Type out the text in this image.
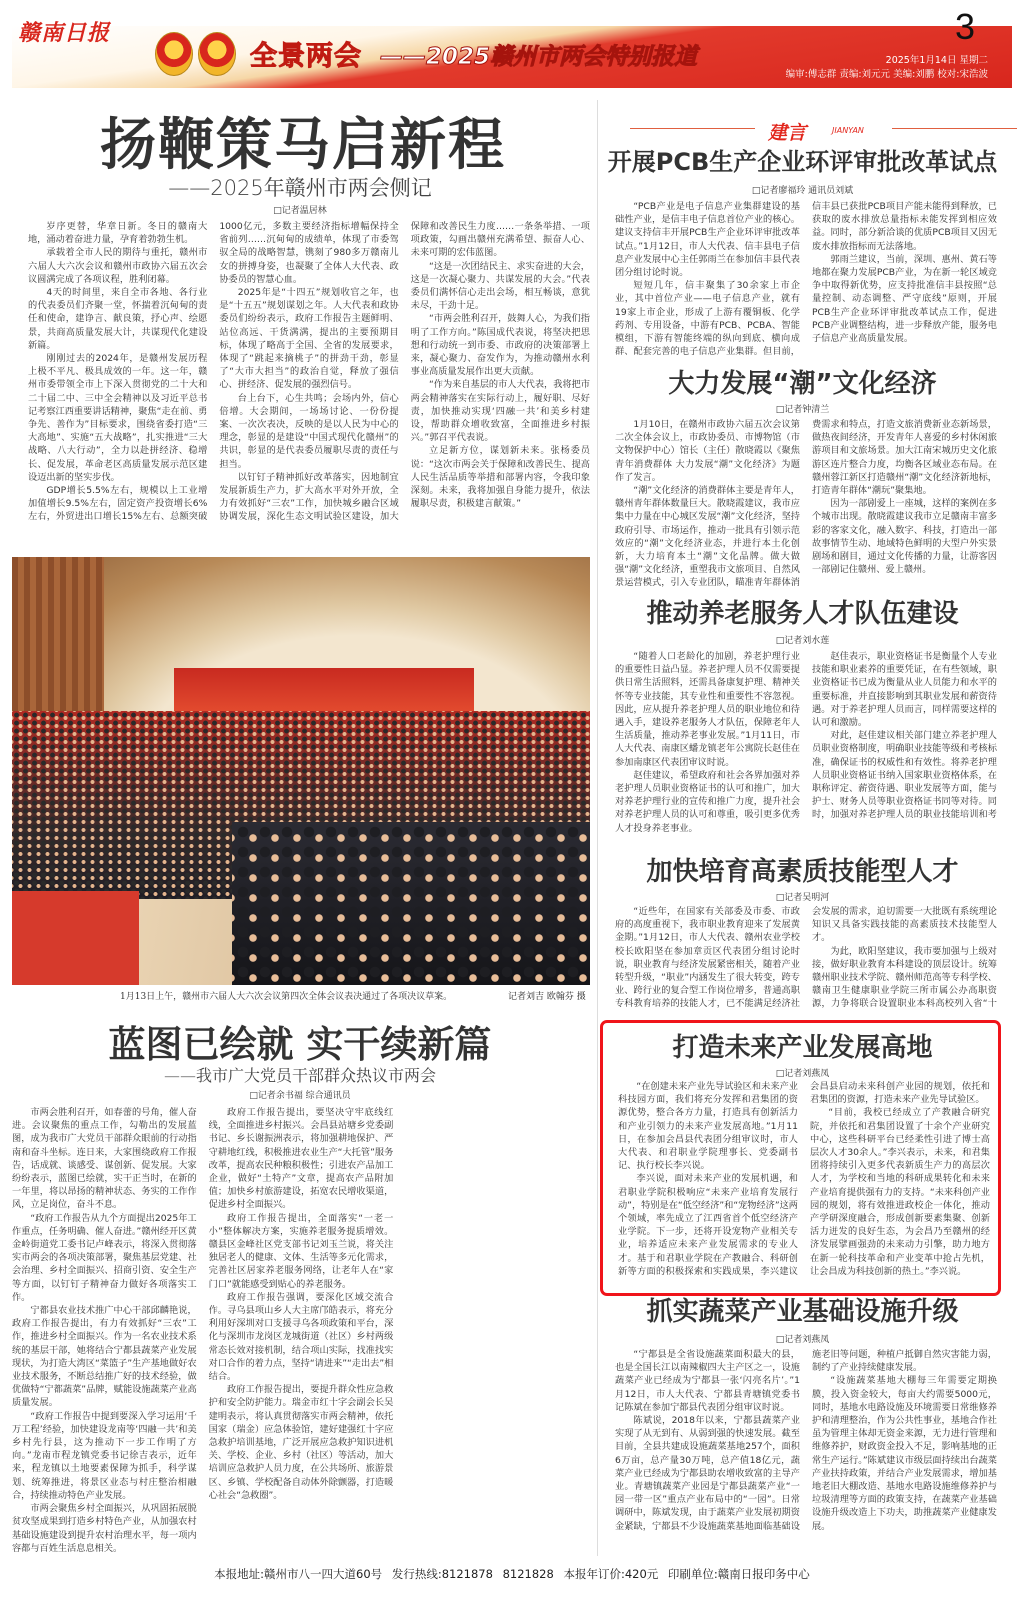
赣南日报
全景两会 ——2025赣州市两会特别报道
3
2025年1月14日 星期二
编审:傅志群 责编:刘元元 美编:刘鹏 校对:宋浩波
扬鞭策马启新程
——2025年赣州市两会侧记
□记者温居林

岁序更替，华章日新。冬日的赣南大地，涌动着奋进力量，孕育着勃勃生机。

承载着全市人民的期待与重托，赣州市六届人大六次会议和赣州市政协六届五次会议圆满完成了各项议程，胜利闭幕。

4天的时间里，来自全市各地、各行业的代表委员们齐聚一堂，怀揣着沉甸甸的责任和使命，建诤言、献良策，抒心声、绘愿景，共商高质量发展大计，共谋现代化建设新篇。

刚刚过去的2024年，是赣州发展历程上极不平凡、极具成效的一年。这一年，赣州市委带领全市上下深入贯彻党的二十大和二十届二中、三中全会精神以及习近平总书记考察江西重要讲话精神，聚焦“走在前、勇争先、善作为”目标要求，围绕省委打造“三大高地”、实施“五大战略”，扎实推进“三大战略、八大行动”，全力以赴拼经济、稳增长、促发展，革命老区高质量发展示范区建设迈出新的坚实步伐。

GDP增长5.5%左右，规模以上工业增加值增长9.5%左右，固定资产投资增长6%左右，外贸进出口增长15%左右、总额突破1000亿元，多数主要经济指标增幅保持全省前列……沉甸甸的成绩单，体现了市委驾驭全局的战略智慧，镌刻了980多万赣南儿女的拼搏身姿，也凝聚了全体人大代表、政协委员的智慧心血。

2025年是“十四五”规划收官之年，也是“十五五”规划谋划之年。人大代表和政协委员们纷纷表示，政府工作报告主题鲜明、站位高远、干货满满，提出的主要预期目标，体现了略高于全国、全省的发展要求，体现了“跳起来摘桃子”的拼劲干劲，彰显了“大市大担当”的政治自觉，释放了强信心、拼经济、促发展的强烈信号。

台上台下，心生共鸣；会场内外，信心倍增。大会期间，一场场讨论、一份份提案、一次次表决，反映的是以人民为中心的理念，彰显的是建设“中国式现代化赣州”的共识，彰显的是代表委员履职尽责的责任与担当。

以钉钉子精神抓好改革落实，因地制宜发展新质生产力，扩大高水平对外开放，全力有效抓好“三农”工作，加快城乡融合区域协调发展，深化生态文明试验区建设，加大保障和改善民生力度……一条条举措、一项项政策，勾画出赣州充满希望、振奋人心、未来可期的宏伟蓝图。

“这是一次团结民主、求实奋进的大会，这是一次凝心聚力、共谋发展的大会。”代表委员们满怀信心走出会场，相互畅谈，意犹未尽，干劲十足。

“市两会胜利召开，鼓舞人心，为我们指明了工作方向。”陈国成代表说，将坚决把思想和行动统一到市委、市政府的决策部署上来，凝心聚力、奋发作为，为推动赣州水利事业高质量发展作出更大贡献。

“作为来自基层的市人大代表，我将把市两会精神落实在实际行动上，履好职、尽好责，加快推动实现‘四融一共’和美乡村建设，帮助群众增收致富，全面推进乡村振兴。”郭召平代表说。

立足新方位，谋划新未来。张杨委员说：“这次市两会关于保障和改善民生、提高人民生活品质等举措和部署内容，令我印象深刻。未来，我将加强自身能力提升，依法履职尽责，积极建言献策。”

1月13日上午，赣州市六届人大六次会议第四次全体会议表决通过了各项决议草案。	记者刘吉 欧翰芬 摄
蓝图已绘就 实干续新篇
——我市广大党员干部群众热议市两会
□记者余书福 综合通讯员

市两会胜利召开，如春蕾的号角，催人奋进。会议聚焦的重点工作，勾勒出的发展蓝图，成为我市广大党员干部群众眼前的行动指南和奋斗坐标。连日来，大家围绕政府工作报告，话成就、谈感受、谋创新、促发展。大家纷纷表示，蓝图已绘就，实干正当时，在新的一年里，将以昂扬的精神状态、务实的工作作风，立足岗位，奋斗不息。

“政府工作报告从九个方面提出2025年工作重点，任务明确、催人奋进。”赣州经开区黄金岭街道党工委书记卢峰表示，将深入贯彻落实市两会的各项决策部署，聚焦基层党建、社会治理、乡村全面振兴、招商引资、安全生产等方面，以钉钉子精神奋力做好各项落实工作。

宁都县农业技术推广中心干部邱麟艳说，政府工作报告提出，有力有效抓好“三农”工作，推进乡村全面振兴。作为一名农业技术系统的基层干部，她将结合宁都县蔬菜产业发展现状，为打造大湾区“菜篮子”生产基地做好农业技术服务，不断总结推广好的技术经验，做优做特“宁都蔬菜”品牌，赋能设施蔬菜产业高质量发展。

“政府工作报告中提到要深入学习运用‘千万工程’经验，加快建设龙南等‘四融一共’和美乡村先行县，这为推动下一步工作明了方向。”龙南市程龙镇党委书记徐吉表示，近年来，程龙镇以土地要素保障为抓手，科学谋划、统筹推进，将景区业态与村庄整治相融合，持续推动特色产业发展。

市两会聚焦乡村全面振兴，从巩固拓展脱贫攻坚成果到打造乡村特色产业，从加强农村基础设施建设到提升农村治理水平，每一项内容都与百姓生活息息相关。

政府工作报告提出，要坚决守牢底线红线，全面推进乡村振兴。会昌县站塘乡党委副书记、乡长谢振洲表示，将加强耕地保护、严守耕地红线，积极推进农业生产“大托管”服务改革，提高农民种粮积极性；引进农产品加工企业，做好“土特产”文章，提高农产品附加值；加快乡村旅游建设，拓宽农民增收渠道，促进乡村全面振兴。

政府工作报告提出，全面落实“一老一小”整体解决方案，实施养老服务提质增效。赣县区金峰社区党支部书记刘玉兰说，将关注独居老人的健康、文体、生活等多元化需求，完善社区居家养老服务网络，让老年人在“家门口”就能感受到贴心的养老服务。

政府工作报告强调，要深化区域交流合作。寻乌县项山乡人大主席邝皓表示，将充分利用好深圳对口支援寻乌各项政策和平台，深化与深圳市龙岗区龙城街道（社区）乡村两级常态长效对接机制，结合项山实际，找准找实对口合作的着力点，坚持“请进来”“走出去”相结合。

政府工作报告提出，要提升群众性应急救护和安全防护能力。瑞金市红十字会副会长吴建明表示，将认真贯彻落实市两会精神，依托国家（瑞金）应急体验馆，建好建强红十字应急救护培训基地，广泛开展应急救护知识进机关、学校、企业、乡村（社区）等活动，加大培训应急救护人员力度，在公共场所、旅游景区、乡镇、学校配备自动体外除颤器，打造暖心社会“急救圈”。

建言	JIANYAN
开展PCB生产企业环评审批改革试点
□记者廖福玲 通讯员刘斌

“PCB产业是电子信息产业集群建设的基础性产业，是信丰电子信息首位产业的核心。建议支持信丰开展PCB生产企业环评审批改革试点。”1月12日，市人大代表、信丰县电子信息产业发展中心主任郭雨兰在参加信丰县代表团分组讨论时说。

短短几年，信丰聚集了30余家上市企业，其中首位产业——电子信息产业，就有19家上市企业，形成了上游有覆铜板、化学药剂、专用设备，中游有PCB、PCBA、智能模组，下游有智能终端的纵向到底、横向成群、配套完善的电子信息产业集群。但目前，信丰县已获批PCB项目产能未能得到释放，已获取的废水排放总量指标未能发挥到相应效益。同时，部分新洽谈的优质PCB项目又因无废水排放指标而无法落地。

郭雨兰建议，当前，深圳、惠州、黄石等地都在聚力发展PCB产业，为在新一轮区域竞争中取得新优势，应支持批准信丰县按照“总量控制、动态调整、严守底线”原则，开展PCB生产企业环评审批改革试点工作，促进PCB产业调整结构，进一步释放产能，服务电子信息产业高质量发展。

大力发展“潮”文化经济
□记者钟清兰

1月10日，在赣州市政协六届五次会议第二次全体会议上，市政协委员、市博物馆（市文物保护中心）馆长（主任）散晓霞以《聚焦青年消费群体 大力发展“潮”文化经济》为题作了发言。

“潮”文化经济的消费群体主要是青年人，赣州青年群体数量巨大。散晓霞建议，我市应集中力量在中心城区发展“潮”文化经济，坚持政府引导、市场运作，推动一批具有引领示范效应的“潮”文化经济业态，并进行本土化创新，大力培育本土“潮”文化品牌。做大做强“潮”文化经济，重塑我市文旅项目、自然风景运营模式，引入专业团队，瞄准青年群体消费需求和特点，打造文旅消费新业态新场景，做热夜间经济，开发青年人喜爱的乡村休闲旅游项目和文旅场景。加大江南宋城历史文化旅游区连片整合力度，均衡各区域业态布局。在赣州蓉江新区打造赣州“潮”文化经济新地标，打造青年群体“潮玩”聚集地。

因为一部剧爱上一座城，这样的案例在多个城市出现。散晓霞建议我市立足赣南丰富多彩的客家文化，融入数字、科技，打造出一部故事情节生动、地域特色鲜明的大型户外实景剧场和剧目，通过文化传播的力量，让游客因一部剧记住赣州、爱上赣州。

推动养老服务人才队伍建设
□记者刘水莲

“随着人口老龄化的加剧，养老护理行业的重要性日益凸显。养老护理人员不仅需要提供日常生活照料，还需具备康复护理、精神关怀等专业技能，其专业性和重要性不容忽视。因此，应从提升养老护理人员的职业地位和待遇入手，建设养老服务人才队伍，保障老年人生活质量，推动养老事业发展。”1月11日，市人大代表、南康区蟠龙镇老年公寓院长赵佳在参加南康区代表团审议时说。

赵佳建议，希望政府和社会各界加强对养老护理人员职业资格证书的认可和推广，加大对养老护理行业的宣传和推广力度，提升社会对养老护理人员的认可和尊重，吸引更多优秀人才投身养老事业。

赵佳表示，职业资格证书是衡量个人专业技能和职业素养的重要凭证，在有些领域，职业资格证书已成为衡量从业人员能力和水平的重要标准，并直接影响到其职业发展和薪资待遇。对于养老护理人员而言，同样需要这样的认可和激励。

对此，赵佳建议相关部门建立养老护理人员职业资格制度，明确职业技能等级和考核标准，确保证书的权威性和有效性。将养老护理人员职业资格证书纳入国家职业资格体系，在职称评定、薪资待遇、职业发展等方面，能与护士、财务人员等职业资格证书同等对待。同时，加强对养老护理人员的职业技能培训和考

加快培育高素质技能型人才
□记者吴明河

“近些年，在国家有关部委及市委、市政府的高度重视下，我市职业教育迎来了发展黄金期。”1月12日，市人大代表、赣州农业学校校长欧阳坚在参加章贡区代表团分组讨论时说，职业教育与经济发展紧密相关，随着产业转型升级，“职业”内涵发生了很大转变，跨专业、跨行业的复合型工作岗位增多，普通高职专科教育培养的技能人才，已不能满足经济社会发展的需求，迫切需要一大批既有系统理论知识又具备实践技能的高素质技术技能型人才。

为此，欧阳坚建议，我市要加强与上级对接，做好职业教育本科建设的顶层设计。统筹赣州职业技术学院、赣州师范高等专科学校、赣南卫生健康职业学院三所市属公办高职资源，力争将联合设置职业本科高校列入省“十

打造未来产业发展高地
□记者刘燕凤

“在创建未来产业先导试验区和未来产业科技园方面，我们将充分发挥和君集团的资源优势，整合各方力量，打造具有创新活力和产业引领力的未来产业发展高地。”1月11日，在参加会昌县代表团分组审议时，市人大代表、和君职业学院理事长、党委副书记、执行校长李兴说。

李兴说，面对未来产业的发展机遇，和君职业学院积极响应“未来产业培育发展行动”，特别是在“低空经济”和“宠物经济”这两个领域，率先成立了江西省首个低空经济产业学院。下一步，还将开设宠物产业相关专业，培养适应未来产业发展需求的专业人才。基于和君职业学院在产教融合、科研创新等方面的积极探索和实践成果，李兴建议会昌县启动未来科创产业园的规划，依托和君集团的资源，打造未来产业先导试验区。

“目前，我校已经成立了产教融合研究院，并依托和君集团设置了十余个产业研究中心，这些科研平台已经柔性引进了博士高层次人才30余人。”李兴表示，未来，和君集团将持续引入更多代表新质生产力的高层次人才，为学校和当地的科研成果转化和未来产业培育提供强有力的支持。“未来科创产业园的规划，将有效推进政校企一体化，推动产学研深度融合，形成创新要素集聚、创新活力迸发的良好生态，为会昌乃至赣州的经济发展擘画强劲的未来动力引擎，助力地方在新一轮科技革命和产业变革中抢占先机，让会昌成为科技创新的热土。”李兴说。

抓实蔬菜产业基础设施升级
□记者刘燕凤

“宁都县是全省设施蔬菜面积最大的县，也是全国长江以南辣椒四大主产区之一，设施蔬菜产业已经成为宁都县一张‘闪亮名片’。”1月12日，市人大代表、宁都县青塘镇党委书记陈斌在参加宁都县代表团分组审议时说。

陈斌说，2018年以来，宁都县蔬菜产业实现了从无到有、从弱到强的快速发展。截至目前，全县共建成设施蔬菜基地257个，面积6万亩，总产量30万吨，总产值18亿元，蔬菜产业已经成为宁都县助农增收致富的主导产业。青塘镇蔬菜产业园是宁都县蔬菜产业“一园一带一区”重点产业布局中的“一园”。日常调研中，陈斌发现，由于蔬菜产业发展初期资金紧缺，宁都县不少设施蔬菜基地面临基础设施老旧等问题，种植户抵御自然灾害能力弱，制约了产业持续健康发展。

“设施蔬菜基地大棚每三年需要定期换膜，投入资金较大，每亩大约需要5000元，同时，基地水电路设施及环境需要日常维修养护和清理整治，作为公共性事业，基地合作社虽为管理主体却无资金来源，无力进行管理和维修养护，财政资金投入不足，影响基地的正常生产运行。”陈斌建议市级层面持续出台蔬菜产业扶持政策，并结合产业发展需求，增加基地老旧大棚改造、基地水电路设施维修养护与垃圾清理等方面的政策支持，在蔬菜产业基础设施升级改造上下功夫，助推蔬菜产业健康发展。

本报地址:赣州市八一四大道60号 发行热线:8121878 8121828 本报年订价:420元 印刷单位:赣南日报印务中心
